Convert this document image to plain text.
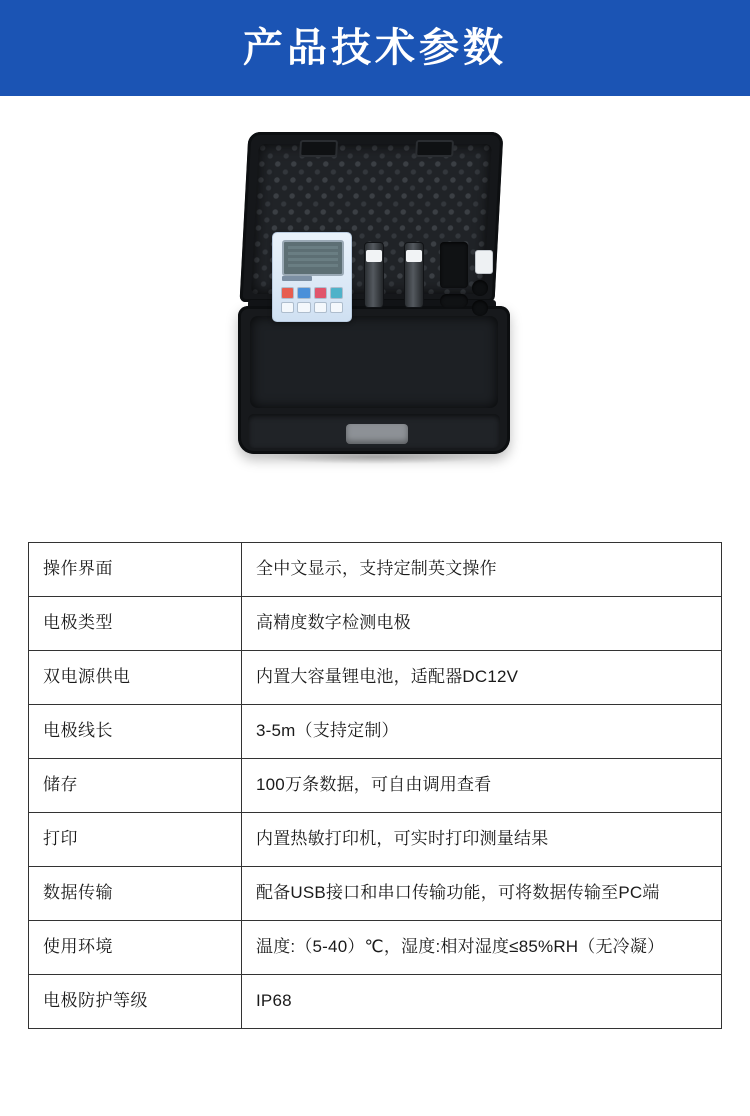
产品技术参数
操作界面	全中文显示，支持定制英文操作
电极类型	高精度数字检测电极
双电源供电	内置大容量锂电池，适配器DC12V
电极线长	3-5m（支持定制）
储存	100万条数据，可自由调用查看
打印	内置热敏打印机，可实时打印测量结果
数据传输	配备USB接口和串口传输功能，可将数据传输至PC端
使用环境	温度:（5-40）℃，湿度:相对湿度≤85%RH（无冷凝）
电极防护等级	IP68
